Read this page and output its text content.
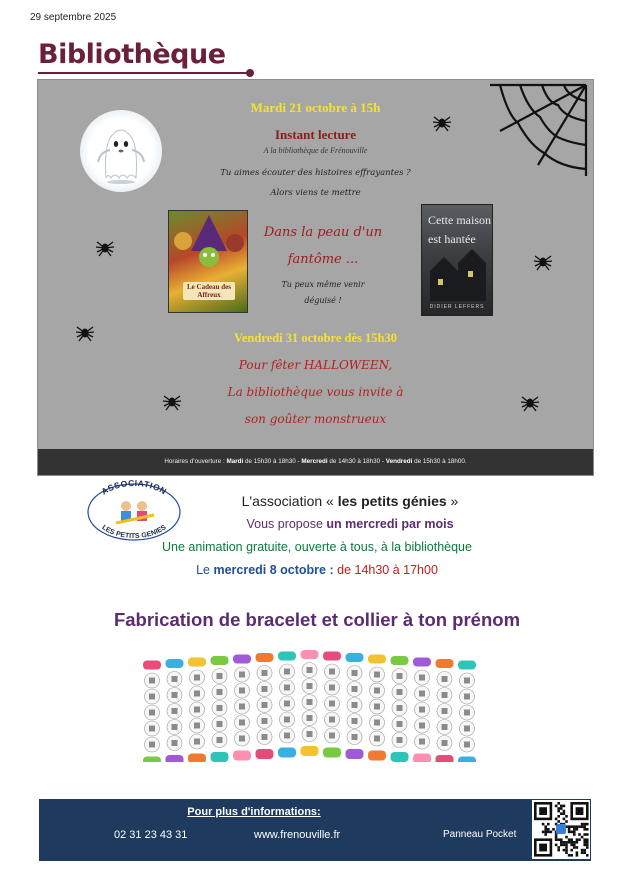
29 septembre 2025
Bibliothèque
Mardi 21 octobre à 15h
Instant lecture
A la bibliothèque de Frénouville
Tu aimes écouter des histoires effrayantes ?
Alors viens te mettre
Le Cadeau des Affreux
Dans la peau d'un
fantôme ...
Tu peux même venir
déguisé !
Cette maison est hantée
DIDIER LEFFERS
Vendredi 31 octobre dès 15h30
Pour fêter HALLOWEEN,
La bibliothèque vous invite à
son goûter monstrueux
Horaires d'ouverture : Mardi de 15h30 à 18h30 - Mercredi de 14h30 à 18h30 - Vendredi de 15h30 à 18h00.
ASSOCIATION
LES PETITS GENIES
L'association « les petits génies »
Vous propose un mercredi par mois
Une animation gratuite, ouverte à tous, à la bibliothèque
Le mercredi 8 octobre : de 14h30 à 17h00
Fabrication de bracelet et collier à ton prénom
Pour plus d'informations:
02 31 23 43 31	www.frenouville.fr	Panneau Pocket
